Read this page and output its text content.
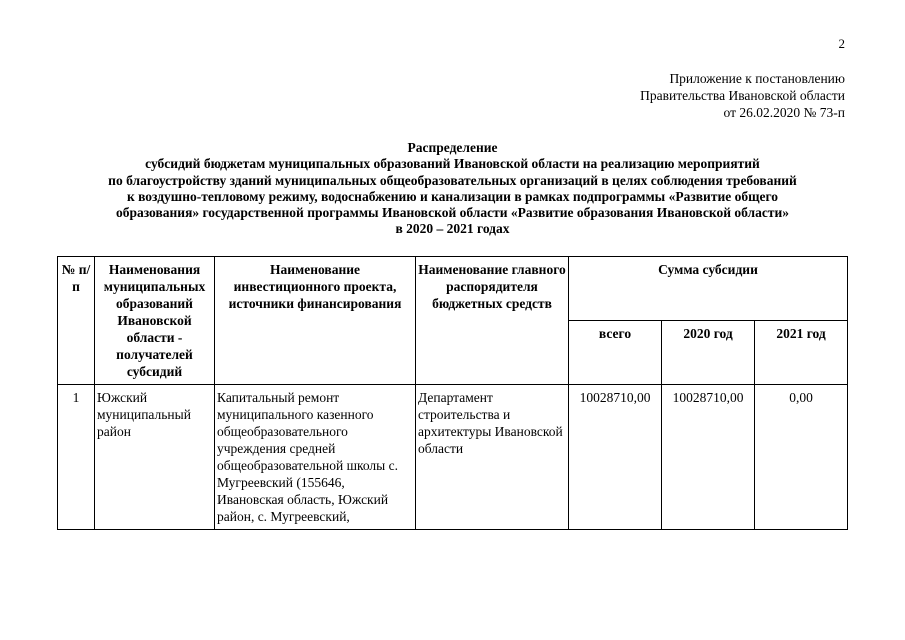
2
Приложение к постановлению
Правительства Ивановской области
от 26.02.2020 № 73-п
Распределение
субсидий бюджетам муниципальных образований Ивановской области на реализацию мероприятий
по благоустройству зданий муниципальных общеобразовательных организаций в целях соблюдения требований
к воздушно-тепловому режиму, водоснабжению и канализации в рамках подпрограммы «Развитие общего
образования» государственной программы Ивановской области «Развитие образования Ивановской области»
в 2020 – 2021 годах
№ п/п	Наименования муниципальных образований Ивановской области - получателей субсидий	Наименование инвестиционного проекта, источники финансирования	Наименование главного распорядителя бюджетных средств	Сумма субсидии		
				всего	2020 год	2021 год
1	Южский муниципальный район	Капитальный ремонт муниципального казенного общеобразовательного учреждения средней общеобразовательной школы с. Мугреевский (155646, Ивановская область, Южский район, с. Мугреевский,	Департамент строительства и архитектуры Ивановской области	10028710,00	10028710,00	0,00
